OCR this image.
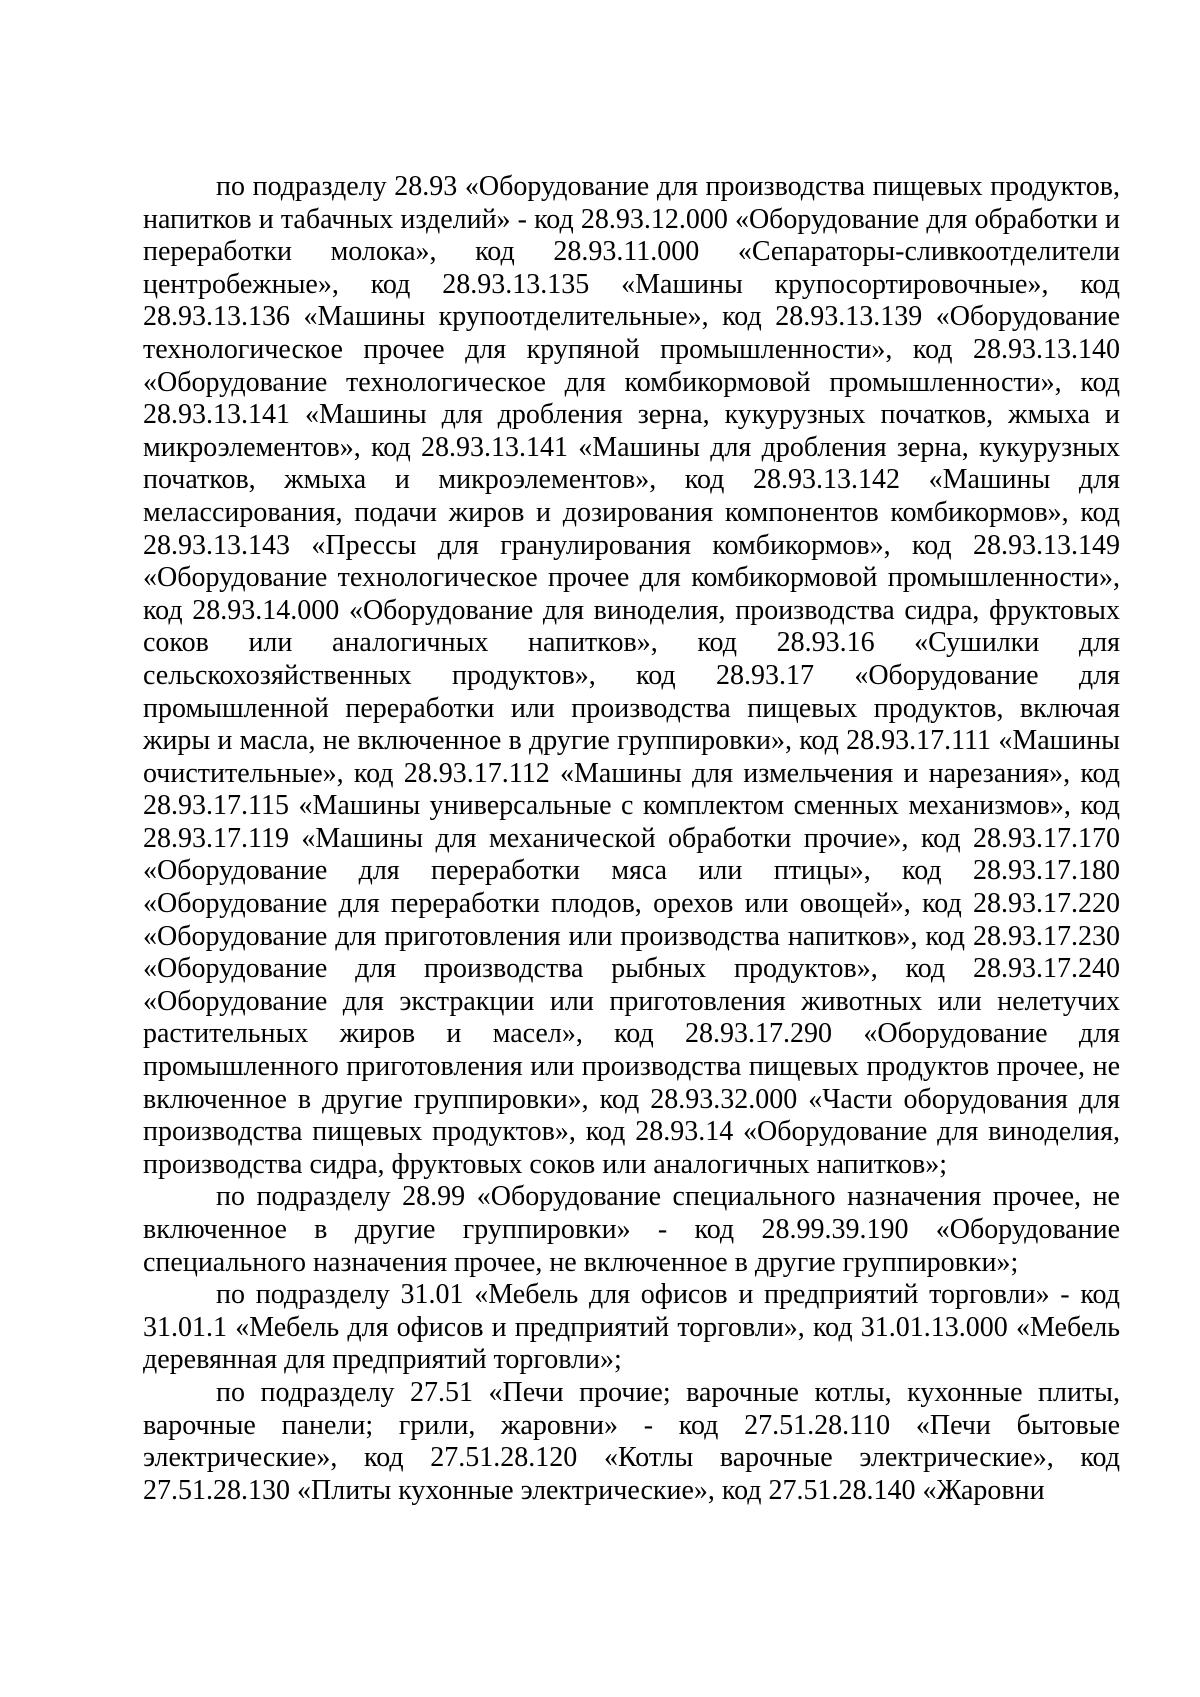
по подразделу 28.93 «Оборудование для производства пищевых продуктов, напитков и табачных изделий» - код 28.93.12.000 «Оборудование для обработки и переработки молока», код 28.93.11.000 «Сепараторы-сливкоотделители центробежные», код 28.93.13.135 «Машины крупосортировочные», код 28.93.13.136 «Машины крупоотделительные», код 28.93.13.139 «Оборудование технологическое прочее для крупяной промышленности», код 28.93.13.140 «Оборудование технологическое для комбикормовой промышленности», код 28.93.13.141 «Машины для дробления зерна, кукурузных початков, жмыха и микроэлементов», код 28.93.13.141 «Машины для дробления зерна, кукурузных початков, жмыха и микроэлементов», код 28.93.13.142 «Машины для мелассирования, подачи жиров и дозирования компонентов комбикормов», код 28.93.13.143 «Прессы для гранулирования комбикормов», код 28.93.13.149 «Оборудование технологическое прочее для комбикормовой промышленности», код 28.93.14.000 «Оборудование для виноделия, производства сидра, фруктовых соков или аналогичных напитков», код 28.93.16 «Сушилки для сельскохозяйственных продуктов», код 28.93.17 «Оборудование для промышленной переработки или производства пищевых продуктов, включая жиры и масла, не включенное в другие группировки», код 28.93.17.111 «Машины очистительные», код 28.93.17.112 «Машины для измельчения и нарезания», код 28.93.17.115 «Машины универсальные с комплектом сменных механизмов», код 28.93.17.119 «Машины для механической обработки прочие», код 28.93.17.170 «Оборудование для переработки мяса или птицы», код 28.93.17.180 «Оборудование для переработки плодов, орехов или овощей», код 28.93.17.220 «Оборудование для приготовления или производства напитков», код 28.93.17.230 «Оборудование для производства рыбных продуктов», код 28.93.17.240 «Оборудование для экстракции или приготовления животных или нелетучих растительных жиров и масел», код 28.93.17.290 «Оборудование для промышленного приготовления или производства пищевых продуктов прочее, не включенное в другие группировки», код 28.93.32.000 «Части оборудования для производства пищевых продуктов», код 28.93.14 «Оборудование для виноделия, производства сидра, фруктовых соков или аналогичных напитков»;

по подразделу 28.99 «Оборудование специального назначения прочее, не включенное в другие группировки» - код 28.99.39.190 «Оборудование специального назначения прочее, не включенное в другие группировки»;

по подразделу 31.01 «Мебель для офисов и предприятий торговли» - код 31.01.1 «Мебель для офисов и предприятий торговли», код 31.01.13.000 «Мебель деревянная для предприятий торговли»;

по подразделу 27.51 «Печи прочие; варочные котлы, кухонные плиты, варочные панели; грили, жаровни» - код 27.51.28.110 «Печи бытовые электрические», код 27.51.28.120 «Котлы варочные электрические», код 27.51.28.130 «Плиты кухонные электрические», код 27.51.28.140 «Жаровни
